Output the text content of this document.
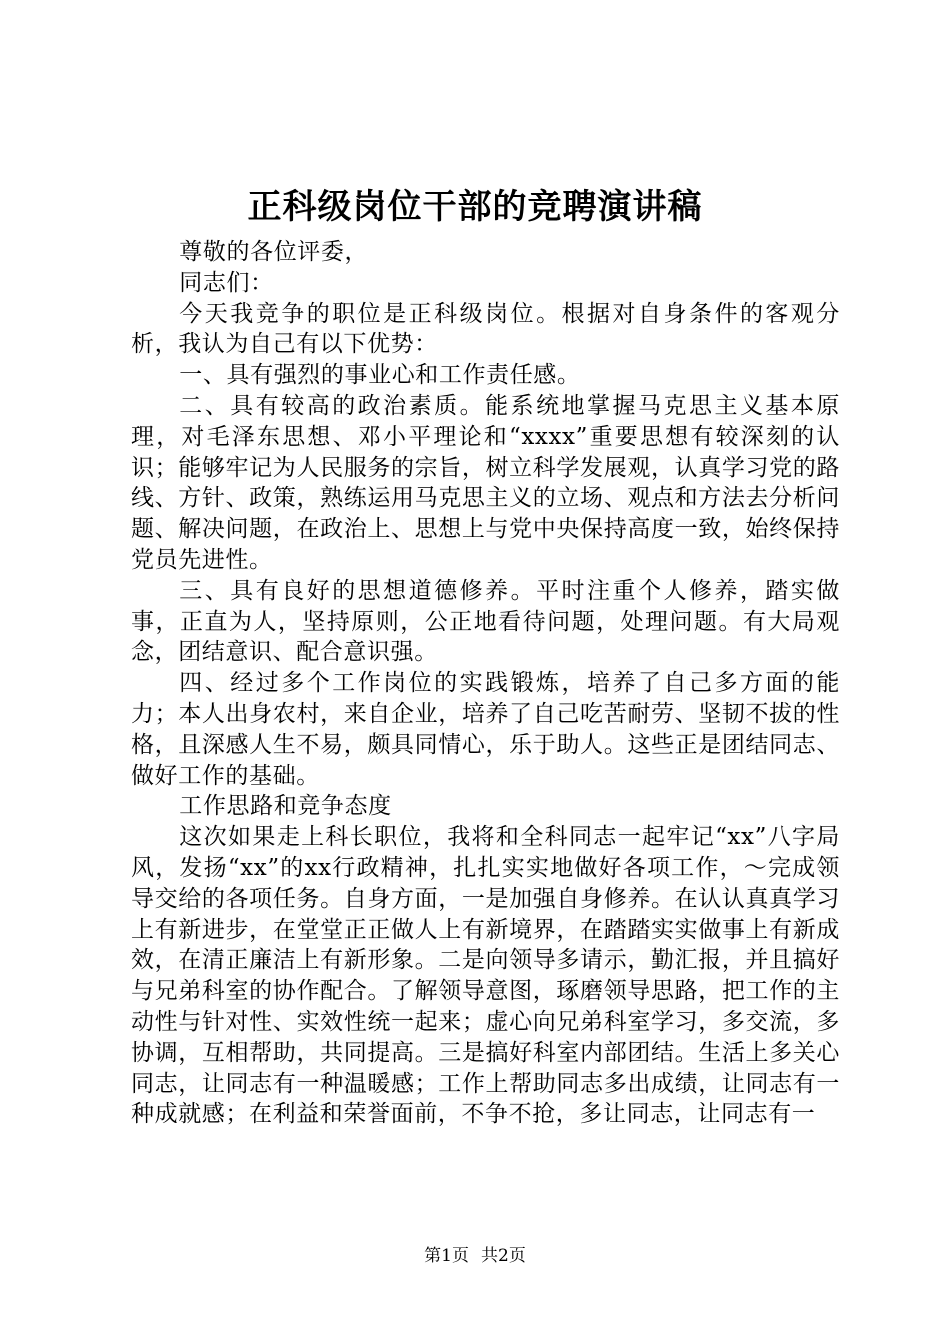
正科级岗位干部的竞聘演讲稿

尊敬的各位评委，

同志们：

今天我竞争的职位是正科级岗位。根据对自身条件的客观分析，我认为自己有以下优势：

一、具有强烈的事业心和工作责任感。

二、具有较高的政治素质。能系统地掌握马克思主义基本原理，对毛泽东思想、邓小平理论和“xxxx”重要思想有较深刻的认识；能够牢记为人民服务的宗旨，树立科学发展观，认真学习党的路线、方针、政策，熟练运用马克思主义的立场、观点和方法去分析问题、解决问题，在政治上、思想上与党中央保持高度一致，始终保持党员先进性。

三、具有良好的思想道德修养。平时注重个人修养，踏实做事，正直为人，坚持原则，公正地看待问题，处理问题。有大局观念，团结意识、配合意识强。

四、经过多个工作岗位的实践锻炼，培养了自己多方面的能力；本人出身农村，来自企业，培养了自己吃苦耐劳、坚韧不拔的性格，且深感人生不易，颇具同情心，乐于助人。这些正是团结同志、做好工作的基础。

工作思路和竞争态度

这次如果走上科长职位，我将和全科同志一起牢记“xx”八字局风，发扬“xx”的xx行政精神，扎扎实实地做好各项工作，～完成领导交给的各项任务。自身方面，一是加强自身修养。在认认真真学习上有新进步，在堂堂正正做人上有新境界，在踏踏实实做事上有新成效，在清正廉洁上有新形象。二是向领导多请示，勤汇报，并且搞好与兄弟科室的协作配合。了解领导意图，琢磨领导思路，把工作的主动性与针对性、实效性统一起来；虚心向兄弟科室学习，多交流，多协调，互相帮助，共同提高。三是搞好科室内部团结。生活上多关心同志，让同志有一种温暖感；工作上帮助同志多出成绩，让同志有一种成就感；在利益和荣誉面前，不争不抢，多让同志，让同志有一

第1页 共2页
